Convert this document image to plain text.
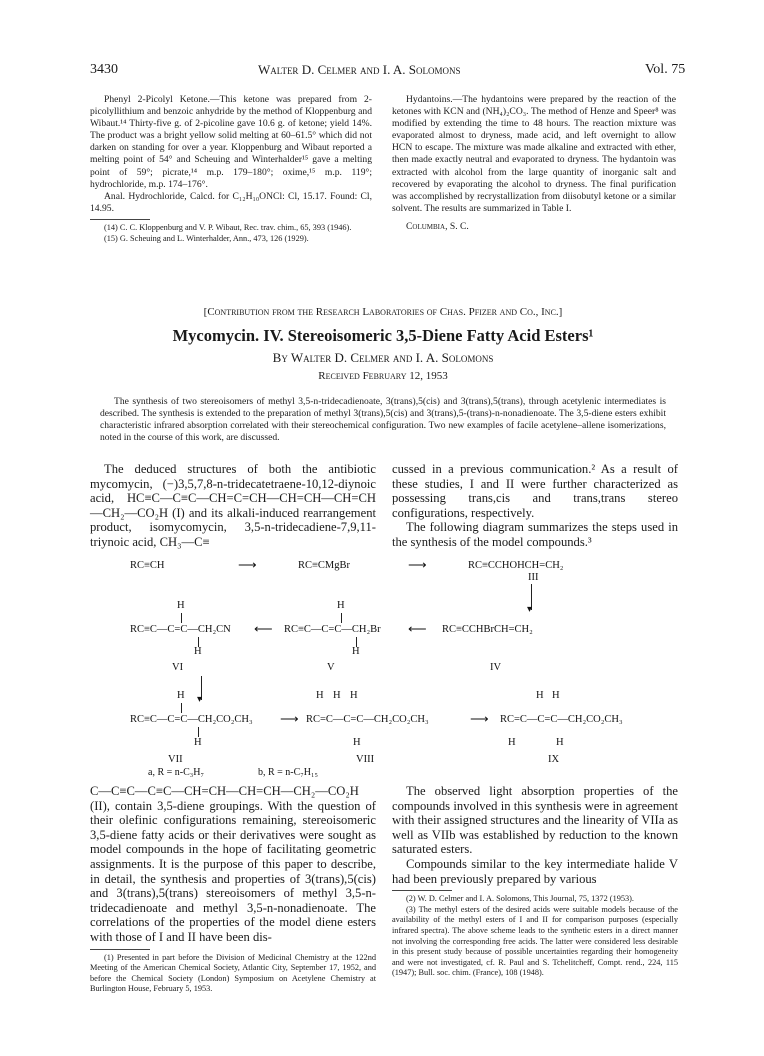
3430	Walter D. Celmer and I. A. Solomons	Vol. 75

Phenyl 2-Picolyl Ketone.—This ketone was prepared from 2-picolyllithium and benzoic anhydride by the method of Kloppenburg and Wibaut.¹⁴ Thirty-five g. of 2-picoline gave 10.6 g. of ketone; yield 14%. The product was a bright yellow solid melting at 60–61.5° which did not darken on standing for over a year. Kloppenburg and Wibaut reported a melting point of 54° and Scheuing and Winterhalder¹⁵ gave a melting point of 59°; picrate,¹⁴ m.p. 179–180°; oxime,¹⁵ m.p. 119°; hydrochloride, m.p. 174–176°.

Anal. Hydrochloride, Calcd. for C₁₂H₁₀ONCl: Cl, 15.17. Found: Cl, 14.95.

(14) C. C. Kloppenburg and V. P. Wibaut, Rec. trav. chim., 65, 393 (1946).

(15) G. Scheuing and L. Winterhalder, Ann., 473, 126 (1929).

Hydantoins.—The hydantoins were prepared by the reaction of the ketones with KCN and (NH₄)₂CO₃. The method of Henze and Speer⁸ was modified by extending the time to 48 hours. The reaction mixture was evaporated almost to dryness, made acid, and left overnight to allow HCN to escape. The mixture was made alkaline and extracted with ether, then made exactly neutral and evaporated to dryness. The hydantoin was extracted with alcohol from the large quantity of inorganic salt and recovered by evaporating the alcohol to dryness. The final purification was accomplished by recrystallization from diisobutyl ketone or a similar solvent. The results are summarized in Table I.

Columbia, S. C.

[Contribution from the Research Laboratories of Chas. Pfizer and Co., Inc.]
Mycomycin. IV. Stereoisomeric 3,5-Diene Fatty Acid Esters¹
By Walter D. Celmer and I. A. Solomons
Received February 12, 1953

The synthesis of two stereoisomers of methyl 3,5-n-tridecadienoate, 3(trans),5(cis) and 3(trans),5(trans), through acetylenic intermediates is described. The synthesis is extended to the preparation of methyl 3(trans),5(cis) and 3(trans),5-(trans)-n-nonadienoate. The 3,5-diene esters exhibit characteristic infrared absorption correlated with their stereochemical configuration. Two new examples of facile acetylene–allene isomerizations, noted in the course of this work, are discussed.

The deduced structures of both the antibiotic mycomycin, (−)3,5,7,8-n-tridecatetraene-10,12-diynoic acid, HC≡C—C≡C—CH=C=CH—CH=CH—CH=CH—CH₂—CO₂H (I) and its alkali-induced rearrangement product, isomycomycin, 3,5-n-tridecadiene-7,9,11-triynoic acid, CH₃—C≡

cussed in a previous communication.² As a result of these studies, I and II were further characterized as possessing trans,cis and trans,trans stereo configurations, respectively.

The following diagram summarizes the steps used in the synthesis of the model compounds.³

RC≡CH	⟶	RC≡CMgBr	⟶	RC≡CCHOHCH=CH₂
III
▾
H	H
RC≡C—C=C—CH₂CN ⟵ RC≡C—C=C—CH₂Br ⟵ RC≡CCHBrCH=CH₂
H	H
VI	V	IV
▾
H	H H H	H H
RC≡C—C=C—CH₂CO₂CH₃ ⟶ RC=C—C=C—CH₂CO₂CH₃	⟶ RC=C—C=C—CH₂CO₂CH₃
H	H	H	H
VII	VIII	IX
a, R = n-C₃H₇	b, R = n-C₇H₁₅

C—C≡C—C≡C—CH=CH—CH=CH—CH₂—CO₂H (II), contain 3,5-diene groupings. With the question of their olefinic configurations remaining, stereoisomeric 3,5-diene fatty acids or their derivatives were sought as model compounds in the hope of facilitating geometric assignments. It is the purpose of this paper to describe, in detail, the synthesis and properties of 3(trans),5(cis) and 3(trans),5(trans) stereoisomers of methyl 3,5-n-tridecadienoate and methyl 3,5-n-nonadienoate. The correlations of the properties of the model diene esters with those of I and II have been dis-

(1) Presented in part before the Division of Medicinal Chemistry at the 122nd Meeting of the American Chemical Society, Atlantic City, September 17, 1952, and before the Chemical Society (London) Symposium on Acetylene Chemistry at Burlington House, February 5, 1953.

The observed light absorption properties of the compounds involved in this synthesis were in agreement with their assigned structures and the linearity of VIIa as well as VIIb was established by reduction to the known saturated esters.

Compounds similar to the key intermediate halide V had been previously prepared by various

(2) W. D. Celmer and I. A. Solomons, This Journal, 75, 1372 (1953).

(3) The methyl esters of the desired acids were suitable models because of the availability of the methyl esters of I and II for comparison purposes (especially infrared spectra). The above scheme leads to the synthetic esters in a direct manner not involving the corresponding free acids. The latter were considered less desirable in this present study because of possible uncertainties regarding their homogeneity and were not investigated, cf. R. Paul and S. Tchelitcheff, Compt. rend., 224, 115 (1947); Bull. soc. chim. (France), 108 (1948).
